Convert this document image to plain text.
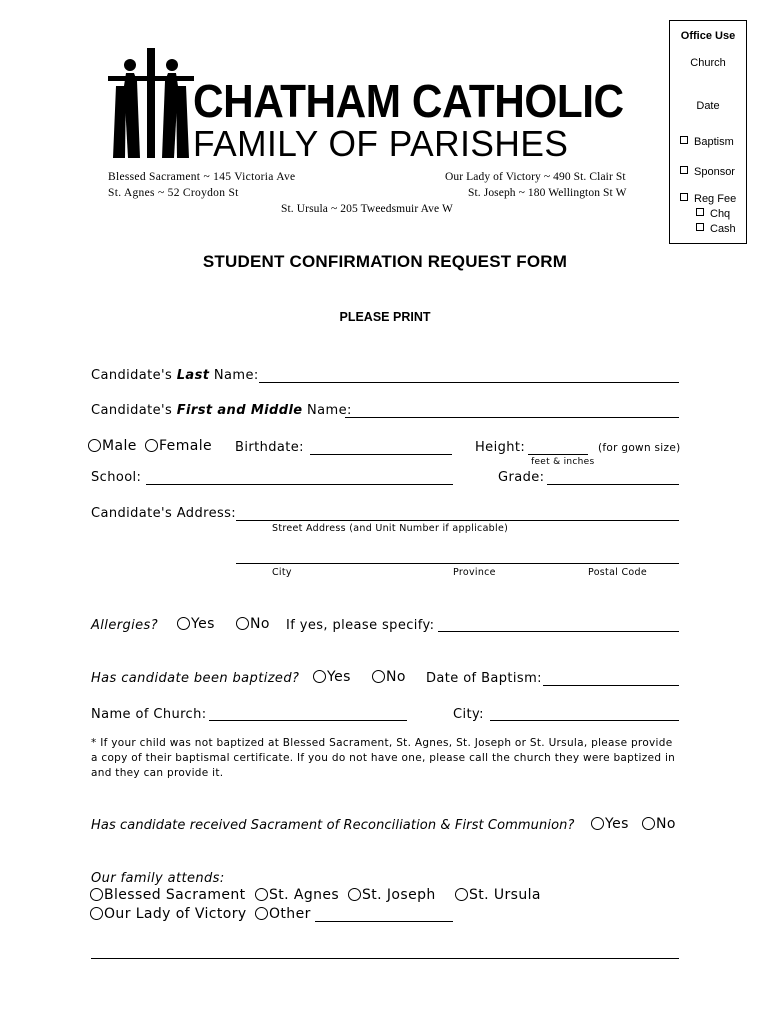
Office Use
Church
Date
Baptism
Sponsor
Reg Fee
Chq
Cash
CHATHAM CATHOLIC
FAMILY OF PARISHES
Blessed Sacrament ~ 145 Victoria Ave
St. Agnes ~ 52 Croydon St
Our Lady of Victory ~ 490 St. Clair St
St. Joseph ~ 180 Wellington St W
St. Ursula ~ 205 Tweedsmuir Ave W
STUDENT CONFIRMATION REQUEST FORM
PLEASE PRINT
Candidate's Last Name:
Candidate's First and Middle Name:
Male	Female Birthdate:	Height:	(for gown size)
feet & inches
School:	Grade:
Candidate's Address:
Street Address (and Unit Number if applicable)
City	Province	Postal Code
Allergies?	Yes	No If yes, please specify:
Has candidate been baptized?	Yes	No Date of Baptism:
Name of Church:	City:
* If your child was not baptized at Blessed Sacrament, St. Agnes, St. Joseph or St. Ursula, please provide a copy of their baptismal certificate. If you do not have one, please call the church they were baptized in and they can provide it.
Has candidate received Sacrament of Reconciliation & First Communion?	Yes	No
Our family attends:
Blessed Sacrament	St. Agnes	St. Joseph	St. Ursula
Our Lady of Victory	Other
